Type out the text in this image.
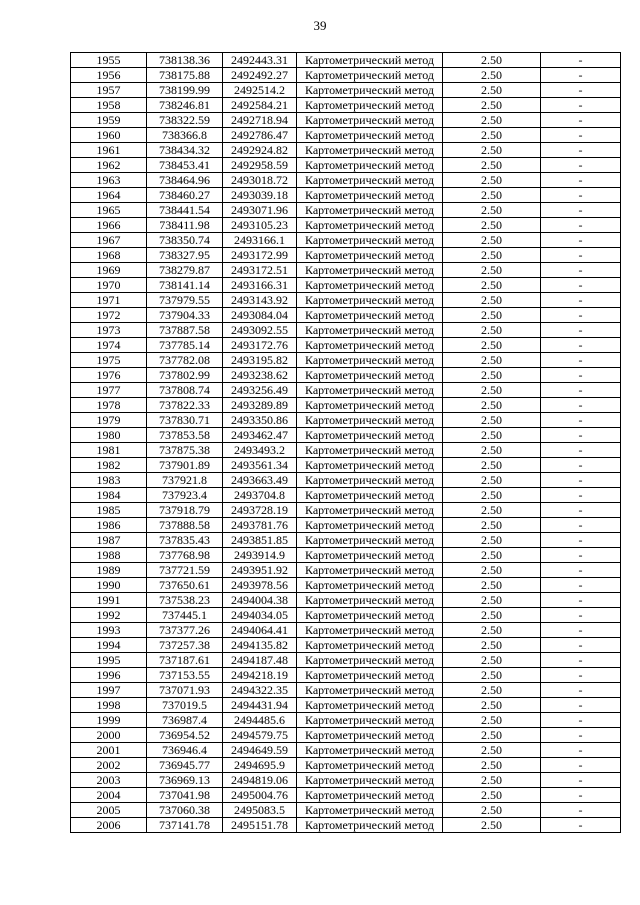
39
1955	738138.36	2492443.31	Картометрический метод	2.50	-
1956	738175.88	2492492.27	Картометрический метод	2.50	-
1957	738199.99	2492514.2	Картометрический метод	2.50	-
1958	738246.81	2492584.21	Картометрический метод	2.50	-
1959	738322.59	2492718.94	Картометрический метод	2.50	-
1960	738366.8	2492786.47	Картометрический метод	2.50	-
1961	738434.32	2492924.82	Картометрический метод	2.50	-
1962	738453.41	2492958.59	Картометрический метод	2.50	-
1963	738464.96	2493018.72	Картометрический метод	2.50	-
1964	738460.27	2493039.18	Картометрический метод	2.50	-
1965	738441.54	2493071.96	Картометрический метод	2.50	-
1966	738411.98	2493105.23	Картометрический метод	2.50	-
1967	738350.74	2493166.1	Картометрический метод	2.50	-
1968	738327.95	2493172.99	Картометрический метод	2.50	-
1969	738279.87	2493172.51	Картометрический метод	2.50	-
1970	738141.14	2493166.31	Картометрический метод	2.50	-
1971	737979.55	2493143.92	Картометрический метод	2.50	-
1972	737904.33	2493084.04	Картометрический метод	2.50	-
1973	737887.58	2493092.55	Картометрический метод	2.50	-
1974	737785.14	2493172.76	Картометрический метод	2.50	-
1975	737782.08	2493195.82	Картометрический метод	2.50	-
1976	737802.99	2493238.62	Картометрический метод	2.50	-
1977	737808.74	2493256.49	Картометрический метод	2.50	-
1978	737822.33	2493289.89	Картометрический метод	2.50	-
1979	737830.71	2493350.86	Картометрический метод	2.50	-
1980	737853.58	2493462.47	Картометрический метод	2.50	-
1981	737875.38	2493493.2	Картометрический метод	2.50	-
1982	737901.89	2493561.34	Картометрический метод	2.50	-
1983	737921.8	2493663.49	Картометрический метод	2.50	-
1984	737923.4	2493704.8	Картометрический метод	2.50	-
1985	737918.79	2493728.19	Картометрический метод	2.50	-
1986	737888.58	2493781.76	Картометрический метод	2.50	-
1987	737835.43	2493851.85	Картометрический метод	2.50	-
1988	737768.98	2493914.9	Картометрический метод	2.50	-
1989	737721.59	2493951.92	Картометрический метод	2.50	-
1990	737650.61	2493978.56	Картометрический метод	2.50	-
1991	737538.23	2494004.38	Картометрический метод	2.50	-
1992	737445.1	2494034.05	Картометрический метод	2.50	-
1993	737377.26	2494064.41	Картометрический метод	2.50	-
1994	737257.38	2494135.82	Картометрический метод	2.50	-
1995	737187.61	2494187.48	Картометрический метод	2.50	-
1996	737153.55	2494218.19	Картометрический метод	2.50	-
1997	737071.93	2494322.35	Картометрический метод	2.50	-
1998	737019.5	2494431.94	Картометрический метод	2.50	-
1999	736987.4	2494485.6	Картометрический метод	2.50	-
2000	736954.52	2494579.75	Картометрический метод	2.50	-
2001	736946.4	2494649.59	Картометрический метод	2.50	-
2002	736945.77	2494695.9	Картометрический метод	2.50	-
2003	736969.13	2494819.06	Картометрический метод	2.50	-
2004	737041.98	2495004.76	Картометрический метод	2.50	-
2005	737060.38	2495083.5	Картометрический метод	2.50	-
2006	737141.78	2495151.78	Картометрический метод	2.50	-
